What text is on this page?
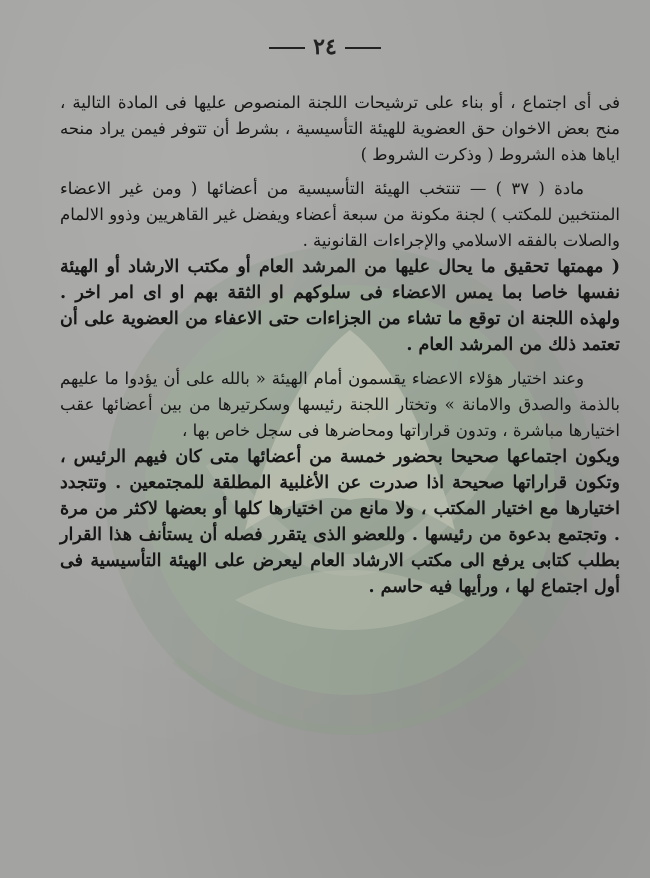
٢٤

فى أى اجتماع ، أو بناء على ترشيحات اللجنة المنصوص عليها فى المادة التالية ، منح بعض الاخوان حق العضوية للهيئة التأسيسية ، بشرط أن تتوفر فيمن يراد منحه اياها هذه الشروط ( وذكرت الشروط )

مادة ( ٣٧ ) — تنتخب الهيئة التأسيسية من أعضائها ( ومن غير الاعضاء المنتخبين للمكتب ) لجنة مكونة من سبعة أعضاء ويفضل غير القاهريين وذوو الالمام والصلات بالفقه الاسلامي والإجراءات القانونية .

( مهمتها تحقيق ما يحال عليها من المرشد العام أو مكتب الارشاد أو الهيئة نفسها خاصا بما يمس الاعضاء فى سلوكهم او الثقة بهم او اى امر اخر . ولهذه اللجنة ان توقع ما تشاء من الجزاءات حتى الاعفاء من العضوية على أن تعتمد ذلك من المرشد العام .

وعند اختيار هؤلاء الاعضاء يقسمون أمام الهيئة « بالله على أن يؤدوا ما عليهم بالذمة والصدق والامانة » وتختار اللجنة رئيسها وسكرتيرها من بين أعضائها عقب اختيارها مباشرة ، وتدون قراراتها ومحاضرها فى سجل خاص بها ،

ويكون اجتماعها صحيحا بحضور خمسة من أعضائها متى كان فيهم الرئيس ، وتكون قراراتها صحيحة اذا صدرت عن الأغلبية المطلقة للمجتمعين . وتتجدد اختيارها مع اختيار المكتب ، ولا مانع من اختيارها كلها أو بعضها لاكثر من مرة . وتجتمع بدعوة من رئيسها . وللعضو الذى يتقرر فصله أن يستأنف هذا القرار بطلب كتابى يرفع الى مكتب الارشاد العام ليعرض على الهيئة التأسيسية فى أول اجتماع لها ، ورأيها فيه حاسم .
